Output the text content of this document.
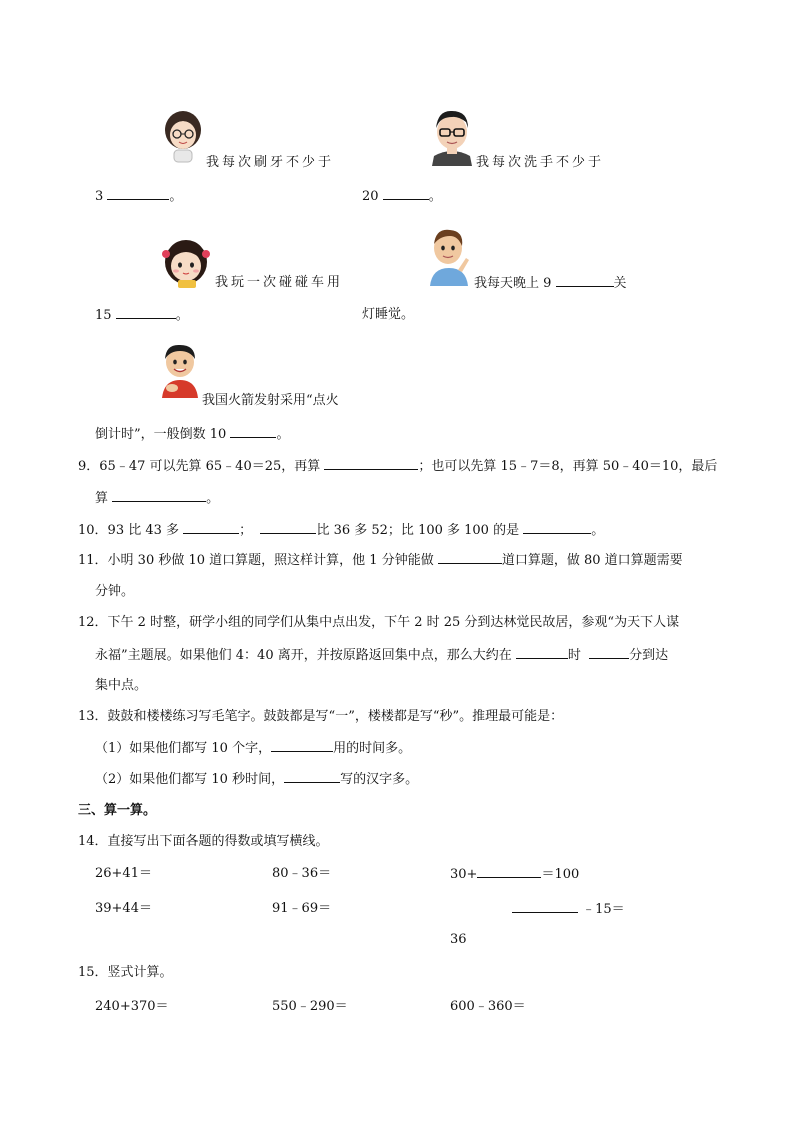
我每次刷牙不少于
3	。
我每次洗手不少于
20	。
我玩一次碰碰车用
15	。
我每天晚上 9	关
灯睡觉。
我国火箭发射采用“点火
倒计时”，一般倒数 10	。
9．65﹣47 可以先算 65﹣40＝25，再算	；也可以先算 15﹣7＝8，再算 50﹣40＝10，最后
算	。
10．93 比 43 多	；	比 36 多 52；比 100 多 100 的是	。
11．小明 30 秒做 10 道口算题，照这样计算，他 1 分钟能做	道口算题，做 80 道口算题需要
分钟。
12．下午 2 时整，研学小组的同学们从集中点出发，下午 2 时 25 分到达林觉民故居，参观“为天下人谋
永福”主题展。如果他们 4：40 离开，并按原路返回集中点，那么大约在	时	分到达
集中点。
13．鼓鼓和楼楼练习写毛笔字。鼓鼓都是写“一”，楼楼都是写“秒”。推理最可能是：
（1）如果他们都写 10 个字，	用的时间多。
（2）如果他们都写 10 秒时间，	写的汉字多。
三、算一算。
14．直接写出下面各题的得数或填写横线。
26+41＝	80﹣36＝	30+	＝100
39+44＝	91﹣69＝	﹣15＝
36
15．竖式计算。
240+370＝	550﹣290＝	600﹣360＝
